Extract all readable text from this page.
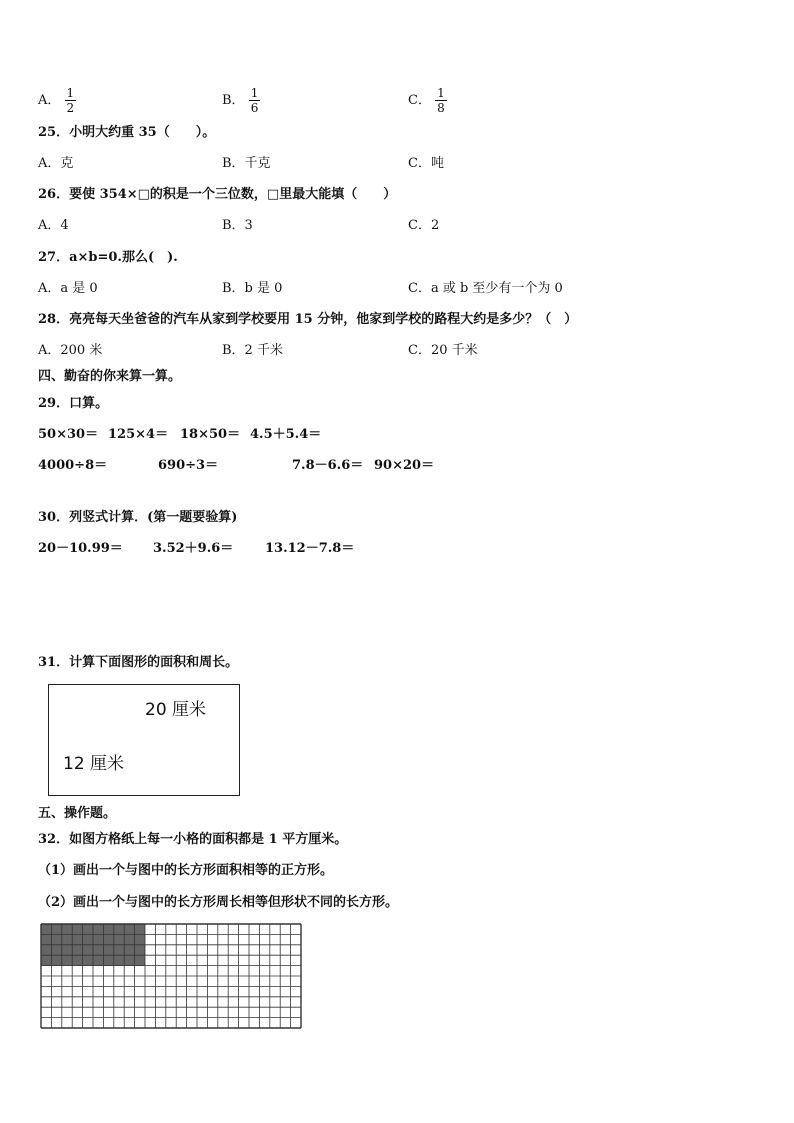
A． $\frac{1}{2}$	B． $\frac{1}{6}$	C． $\frac{1}{8}$
25．小明大约重 35（　　）。
A．克	B．千克	C．吨
26．要使 354×□的积是一个三位数，□里最大能填（　　）
A．4	B．3	C．2
27．a×b=0.那么(　).
A．a 是 0	B．b 是 0	C．a 或 b 至少有一个为 0
28．亮亮每天坐爸爸的汽车从家到学校要用 15 分钟，他家到学校的路程大约是多少？（　）
A．200 米	B．2 千米	C．20 千米
四、勤奋的你来算一算。
29．口算。
50×30＝ 125×4＝ 18×50＝ 4.5＋5.4＝
4000÷8＝	690÷3＝	7.8－6.6＝ 90×20＝
30．列竖式计算．(第一题要验算)
20－10.99＝ 3.52＋9.6＝ 13.12－7.8＝
31．计算下面图形的面积和周长。
20 厘米
12 厘米
五、操作题。
32．如图方格纸上每一小格的面积都是 1 平方厘米。
（1）画出一个与图中的长方形面积相等的正方形。
（2）画出一个与图中的长方形周长相等但形状不同的长方形。
